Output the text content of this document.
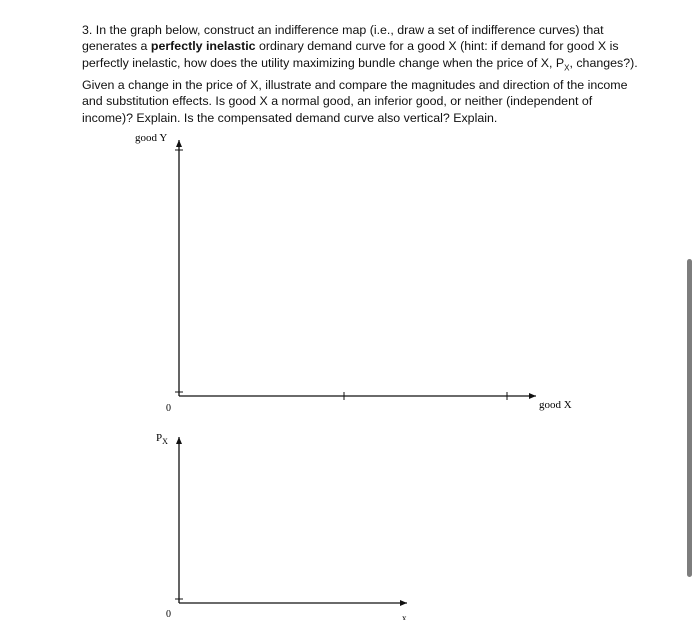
3. In the graph below, construct an indifference map (i.e., draw a set of indifference curves) that generates a perfectly inelastic ordinary demand curve for a good X (hint: if demand for good X is perfectly inelastic, how does the utility maximizing bundle change when the price of X, $P_X$, changes?). Given a change in the price of X, illustrate and compare the magnitudes and direction of the income and substitution effects. Is good X a normal good, an inferior good, or neither (independent of income)? Explain. Is the compensated demand curve also vertical? Explain.
good Y
good X
0
$P_X$
x
0
